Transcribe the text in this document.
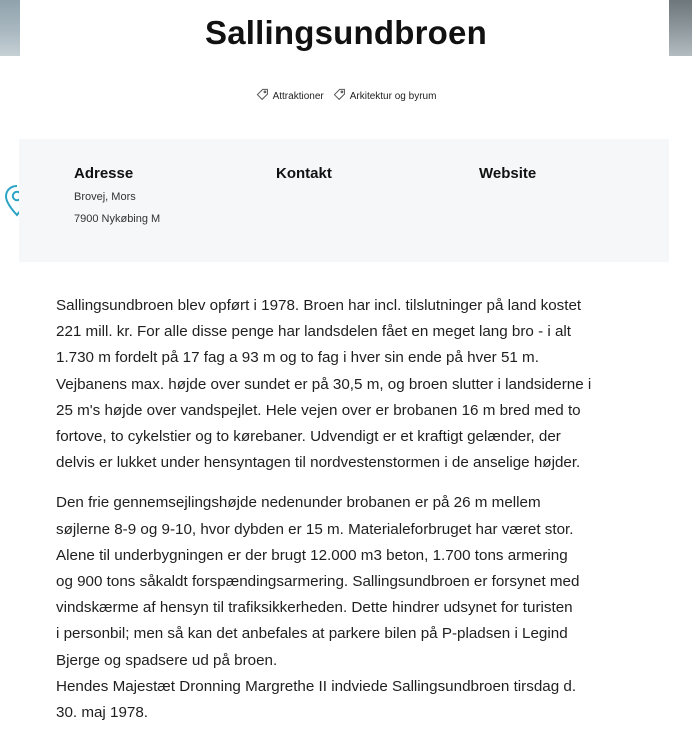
Sallingsundbroen
Attraktioner	Arkitektur og byrum

Adresse

Brovej, Mors

7900 Nykøbing M

Kontakt	Website

Sallingsundbroen blev opført i 1978. Broen har incl. tilslutninger på land kostet
221 mill. kr. For alle disse penge har landsdelen fået en meget lang bro - i alt
1.730 m fordelt på 17 fag a 93 m og to fag i hver sin ende på hver 51 m.
Vejbanens max. højde over sundet er på 30,5 m, og broen slutter i landsiderne i
25 m's højde over vandspejlet. Hele vejen over er brobanen 16 m bred med to
fortove, to cykelstier og to kørebaner. Udvendigt er et kraftigt gelænder, der
delvis er lukket under hensyntagen til nordvestenstormen i de anselige højder.

Den frie gennemsejlingshøjde nedenunder brobanen er på 26 m mellem
søjlerne 8-9 og 9-10, hvor dybden er 15 m. Materialeforbruget har været stor.
Alene til underbygningen er der brugt 12.000 m3 beton, 1.700 tons armering
og 900 tons såkaldt forspændingsarmering. Sallingsundbroen er forsynet med
vindskærme af hensyn til trafiksikkerheden. Dette hindrer udsynet for turisten
i personbil; men så kan det anbefales at parkere bilen på P-pladsen i Legind
Bjerge og spadsere ud på broen.
Hendes Majestæt Dronning Margrethe II indviede Sallingsundbroen tirsdag d.
30. maj 1978.
